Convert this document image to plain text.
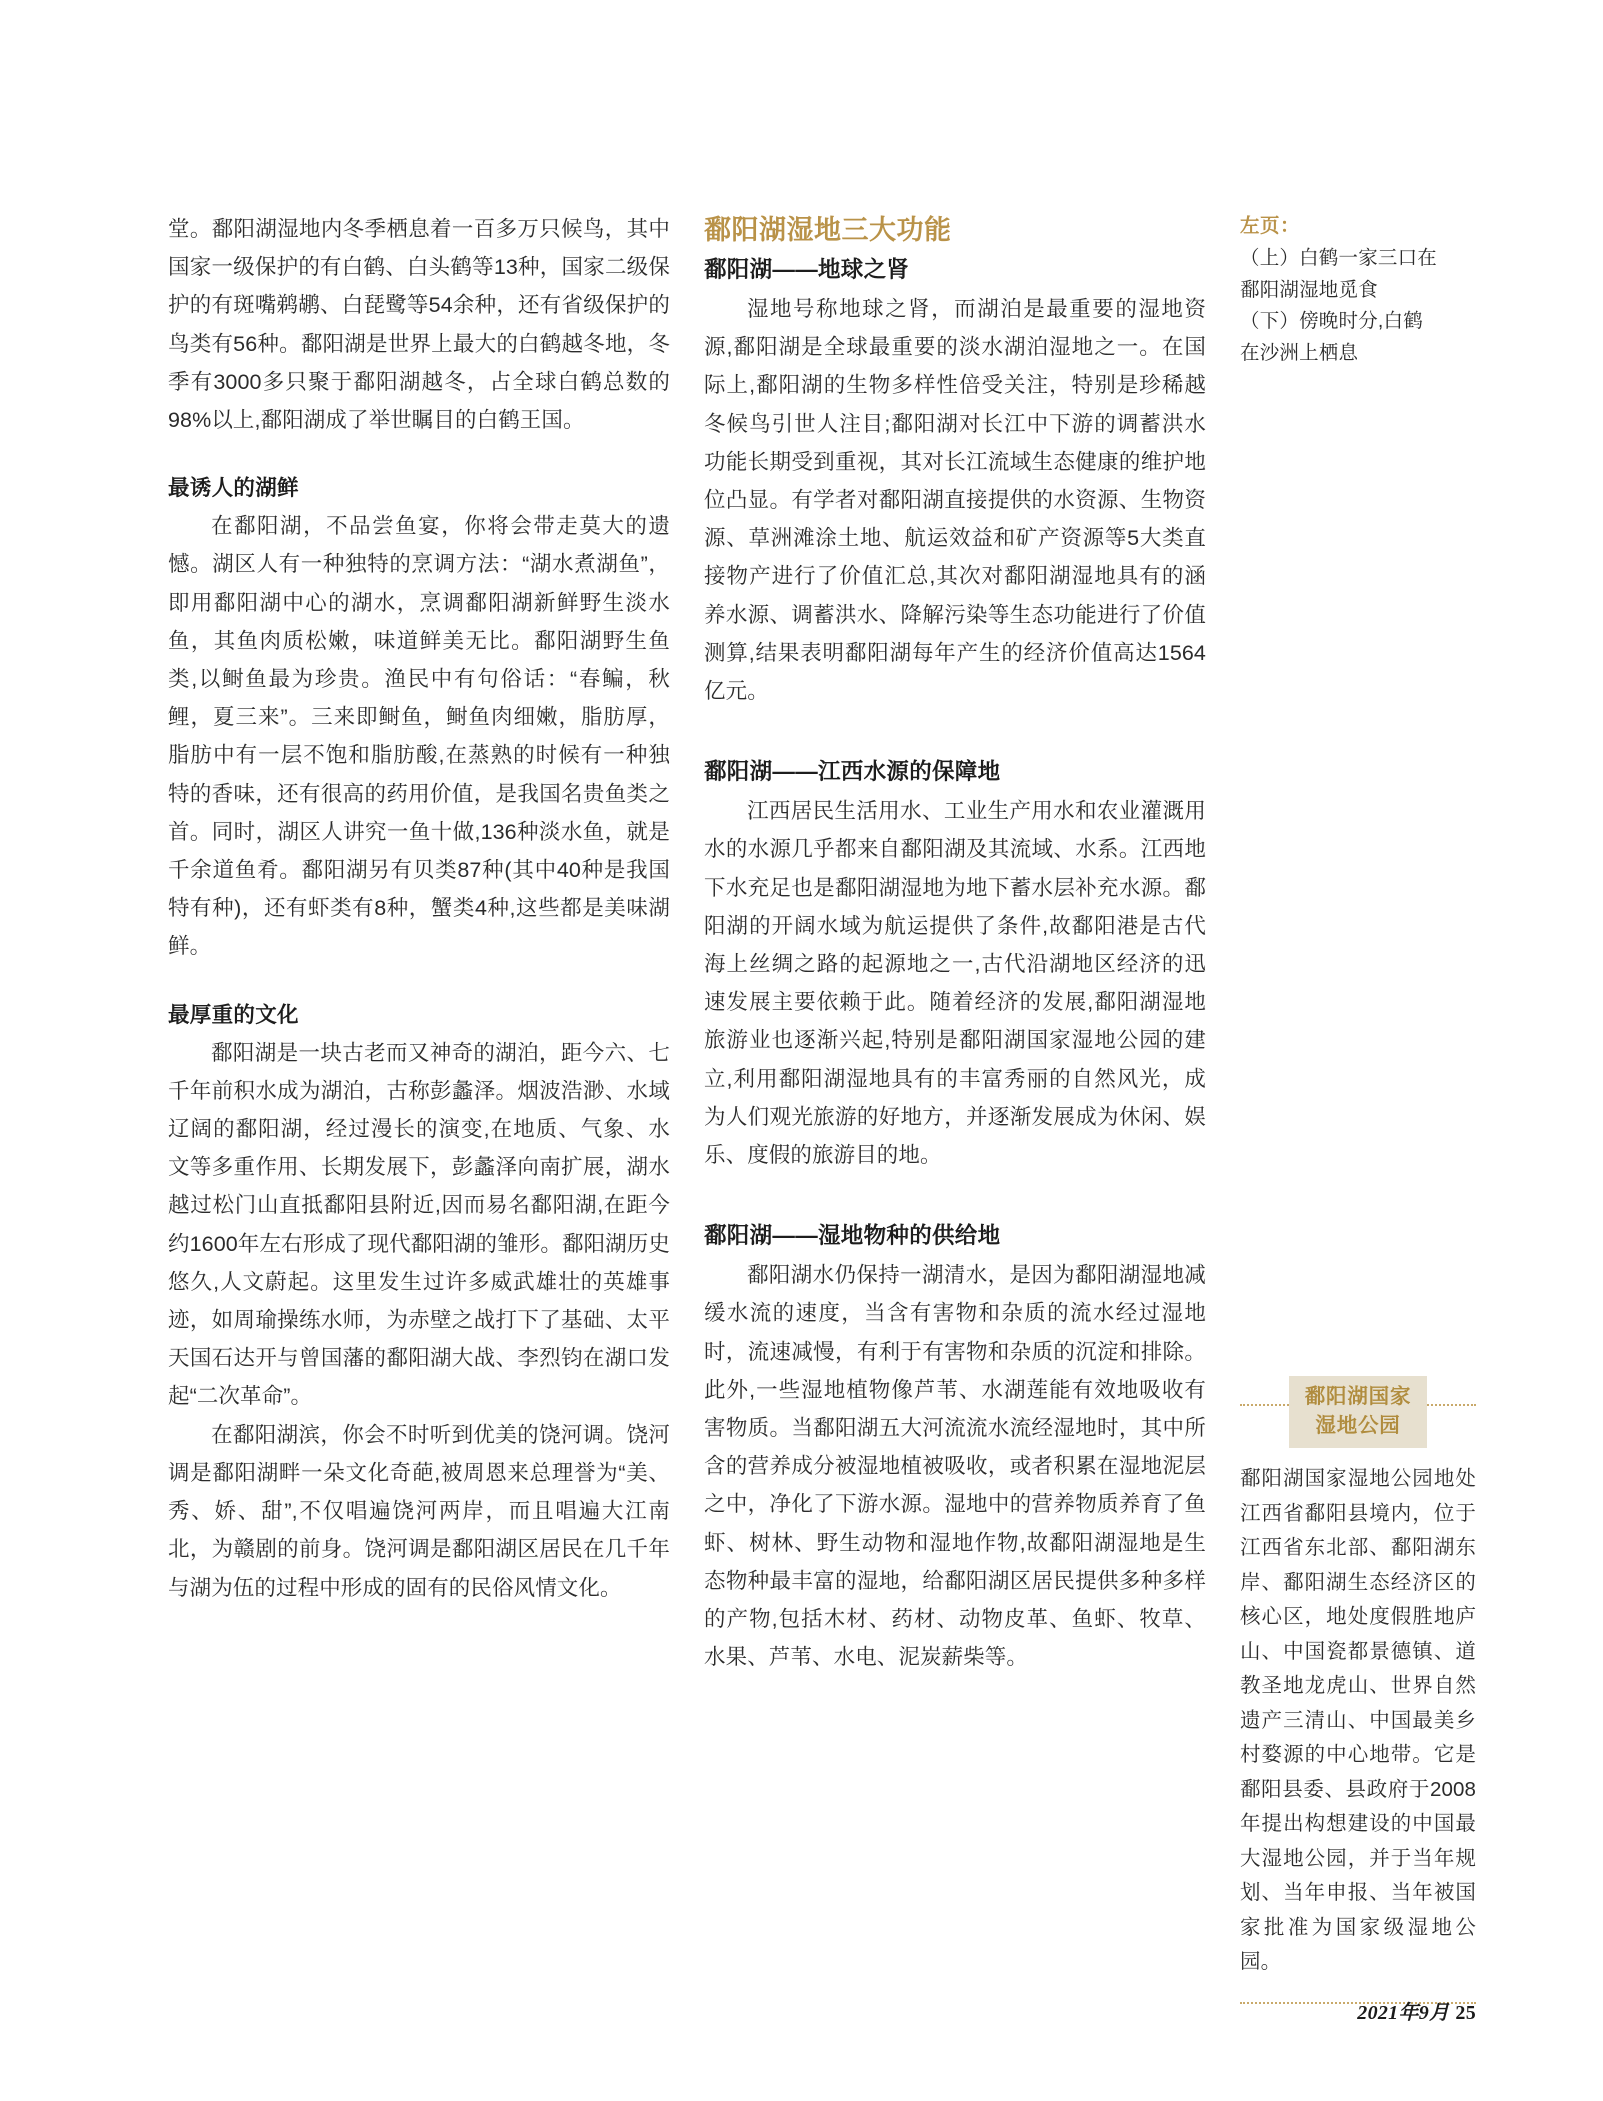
堂。鄱阳湖湿地内冬季栖息着一百多万只候鸟，其中国家一级保护的有白鹤、白头鹤等13种，国家二级保护的有斑嘴鹈鹕、白琵鹭等54余种，还有省级保护的鸟类有56种。鄱阳湖是世界上最大的白鹤越冬地，冬季有3000多只聚于鄱阳湖越冬，占全球白鹤总数的98%以上,鄱阳湖成了举世瞩目的白鹤王国。

最诱人的湖鲜

在鄱阳湖，不品尝鱼宴，你将会带走莫大的遗憾。湖区人有一种独特的烹调方法：“湖水煮湖鱼”，即用鄱阳湖中心的湖水，烹调鄱阳湖新鲜野生淡水鱼，其鱼肉质松嫩，味道鲜美无比。鄱阳湖野生鱼类,以鲥鱼最为珍贵。渔民中有句俗话：“春鳊，秋鲤，夏三来”。三来即鲥鱼，鲥鱼肉细嫩，脂肪厚，脂肪中有一层不饱和脂肪酸,在蒸熟的时候有一种独特的香味，还有很高的药用价值，是我国名贵鱼类之首。同时，湖区人讲究一鱼十做,136种淡水鱼，就是千余道鱼肴。鄱阳湖另有贝类87种(其中40种是我国特有种)，还有虾类有8种，蟹类4种,这些都是美味湖鲜。

最厚重的文化

鄱阳湖是一块古老而又神奇的湖泊，距今六、七千年前积水成为湖泊，古称彭蠡泽。烟波浩渺、水域辽阔的鄱阳湖，经过漫长的演变,在地质、气象、水文等多重作用、长期发展下，彭蠡泽向南扩展，湖水越过松门山直抵鄱阳县附近,因而易名鄱阳湖,在距今约1600年左右形成了现代鄱阳湖的雏形。鄱阳湖历史悠久,人文蔚起。这里发生过许多威武雄壮的英雄事迹，如周瑜操练水师，为赤壁之战打下了基础、太平天国石达开与曾国藩的鄱阳湖大战、李烈钧在湖口发起“二次革命”。

在鄱阳湖滨，你会不时听到优美的饶河调。饶河调是鄱阳湖畔一朵文化奇葩,被周恩来总理誉为“美、秀、娇、甜”,不仅唱遍饶河两岸，而且唱遍大江南北，为赣剧的前身。饶河调是鄱阳湖区居民在几千年与湖为伍的过程中形成的固有的民俗风情文化。

鄱阳湖湿地三大功能
鄱阳湖——地球之肾

湿地号称地球之肾，而湖泊是最重要的湿地资源,鄱阳湖是全球最重要的淡水湖泊湿地之一。在国际上,鄱阳湖的生物多样性倍受关注，特别是珍稀越冬候鸟引世人注目;鄱阳湖对长江中下游的调蓄洪水功能长期受到重视，其对长江流域生态健康的维护地位凸显。有学者对鄱阳湖直接提供的水资源、生物资源、草洲滩涂土地、航运效益和矿产资源等5大类直接物产进行了价值汇总,其次对鄱阳湖湿地具有的涵养水源、调蓄洪水、降解污染等生态功能进行了价值测算,结果表明鄱阳湖每年产生的经济价值高达1564亿元。

鄱阳湖——江西水源的保障地

江西居民生活用水、工业生产用水和农业灌溉用水的水源几乎都来自鄱阳湖及其流域、水系。江西地下水充足也是鄱阳湖湿地为地下蓄水层补充水源。鄱阳湖的开阔水域为航运提供了条件,故鄱阳港是古代海上丝绸之路的起源地之一,古代沿湖地区经济的迅速发展主要依赖于此。随着经济的发展,鄱阳湖湿地旅游业也逐渐兴起,特别是鄱阳湖国家湿地公园的建立,利用鄱阳湖湿地具有的丰富秀丽的自然风光，成为人们观光旅游的好地方，并逐渐发展成为休闲、娱乐、度假的旅游目的地。

鄱阳湖——湿地物种的供给地

鄱阳湖水仍保持一湖清水，是因为鄱阳湖湿地减缓水流的速度，当含有害物和杂质的流水经过湿地时，流速减慢，有利于有害物和杂质的沉淀和排除。此外,一些湿地植物像芦苇、水湖莲能有效地吸收有害物质。当鄱阳湖五大河流流水流经湿地时，其中所含的营养成分被湿地植被吸收，或者积累在湿地泥层之中，净化了下游水源。湿地中的营养物质养育了鱼虾、树林、野生动物和湿地作物,故鄱阳湖湿地是生态物种最丰富的湿地，给鄱阳湖区居民提供多种多样的产物,包括木材、药材、动物皮革、鱼虾、牧草、水果、芦苇、水电、泥炭薪柴等。

左页：

（上）白鹤一家三口在

鄱阳湖湿地觅食

（下）傍晚时分,白鹤

在沙洲上栖息

鄱阳湖国家
湿地公园

鄱阳湖国家湿地公园地处江西省鄱阳县境内，位于江西省东北部、鄱阳湖东岸、鄱阳湖生态经济区的核心区，地处度假胜地庐山、中国瓷都景德镇、道教圣地龙虎山、世界自然遗产三清山、中国最美乡村婺源的中心地带。它是鄱阳县委、县政府于2008年提出构想建设的中国最大湿地公园，并于当年规划、当年申报、当年被国家批准为国家级湿地公园。

2021年9月 25
